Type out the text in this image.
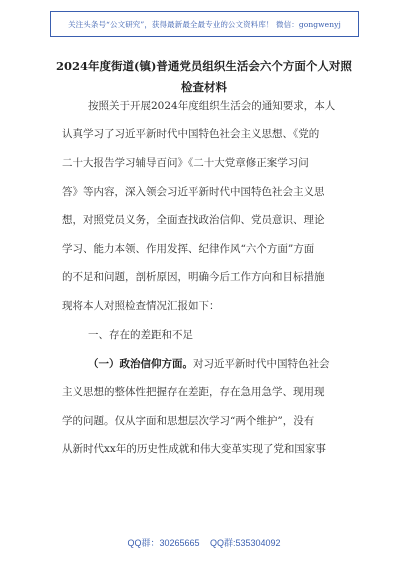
关注头条号“公文研究”，获得最新最全最专业的公文资料库！ 微信：gongwenyj
2024年度街道(镇)普通党员组织生活会六个方面个人对照
检查材料
按照关于开展2024年度组织生活会的通知要求，本人
认真学习了习近平新时代中国特色社会主义思想、《党的
二十大报告学习辅导百问》《二十大党章修正案学习问
答》等内容，深入领会习近平新时代中国特色社会主义思
想，对照党员义务，全面查找政治信仰、党员意识、理论
学习、能力本领、作用发挥、纪律作风“六个方面”方面
的不足和问题，剖析原因，明确今后工作方向和目标措施
现将本人对照检查情况汇报如下：
一、存在的差距和不足
（一）政治信仰方面。对习近平新时代中国特色社会
主义思想的整体性把握存在差距，存在急用急学、现用现
学的问题。仅从字面和思想层次学习“两个维护”，没有
从新时代xx年的历史性成就和伟大变革实现了党和国家事
QQ群：30265665 QQ群:535304092
